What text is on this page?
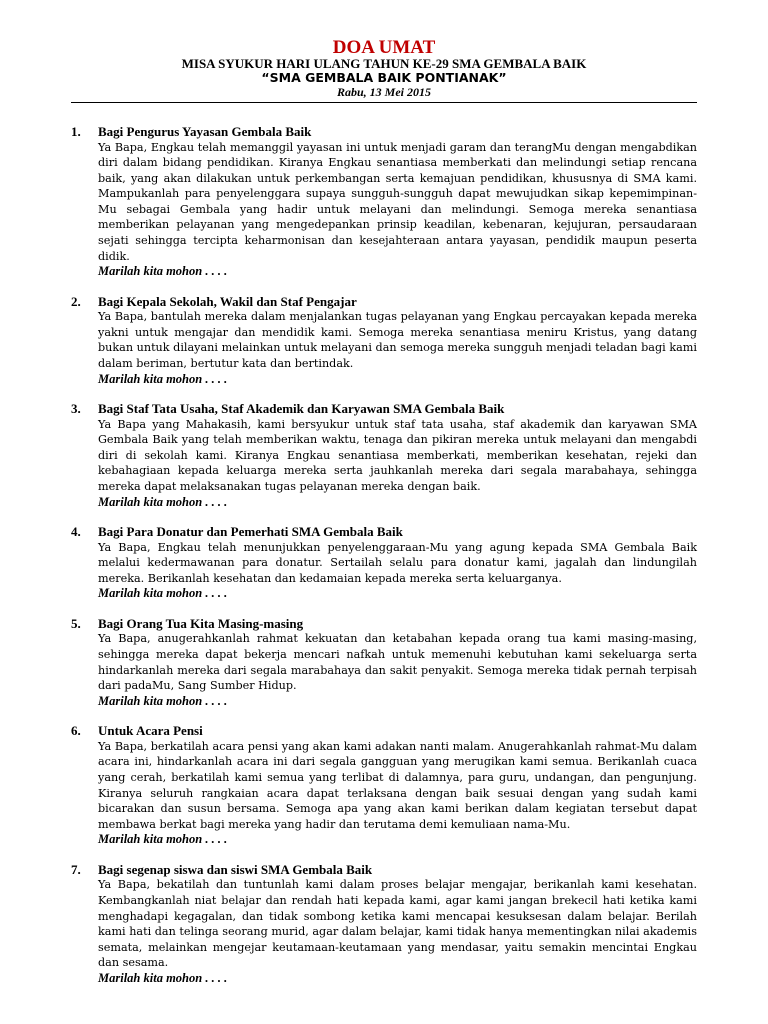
DOA UMAT
MISA SYUKUR HARI ULANG TAHUN KE-29 SMA GEMBALA BAIK
“SMA GEMBALA BAIK PONTIANAK”
Rabu, 13 Mei 2015
1. Bagi Pengurus Yayasan Gembala Baik
Ya Bapa, Engkau telah memanggil yayasan ini untuk menjadi garam dan terangMu dengan mengabdikan diri dalam bidang pendidikan. Kiranya Engkau senantiasa memberkati dan melindungi setiap rencana baik, yang akan dilakukan untuk perkembangan serta kemajuan pendidikan, khususnya di SMA kami. Mampukanlah para penyelenggara supaya sungguh-sungguh dapat mewujudkan sikap kepemimpinan-Mu sebagai Gembala yang hadir untuk melayani dan melindungi. Semoga mereka senantiasa memberikan pelayanan yang mengedepankan prinsip keadilan, kebenaran, kejujuran, persaudaraan sejati sehingga tercipta keharmonisan dan kesejahteraan antara yayasan, pendidik maupun peserta didik.
Marilah kita mohon . . . .
2. Bagi Kepala Sekolah, Wakil dan Staf Pengajar
Ya Bapa, bantulah mereka dalam menjalankan tugas pelayanan yang Engkau percayakan kepada mereka yakni untuk mengajar dan mendidik kami. Semoga mereka senantiasa meniru Kristus, yang datang bukan untuk dilayani melainkan untuk melayani dan semoga mereka sungguh menjadi teladan bagi kami dalam beriman, bertutur kata dan bertindak.
Marilah kita mohon . . . .
3. Bagi Staf Tata Usaha, Staf Akademik dan Karyawan SMA Gembala Baik
Ya Bapa yang Mahakasih, kami bersyukur untuk staf tata usaha, staf akademik dan karyawan SMA Gembala Baik yang telah memberikan waktu, tenaga dan pikiran mereka untuk melayani dan mengabdi diri di sekolah kami. Kiranya Engkau senantiasa memberkati, memberikan kesehatan, rejeki dan kebahagiaan kepada keluarga mereka serta jauhkanlah mereka dari segala marabahaya, sehingga mereka dapat melaksanakan tugas pelayanan mereka dengan baik.
Marilah kita mohon . . . .
4. Bagi Para Donatur dan Pemerhati SMA Gembala Baik
Ya Bapa, Engkau telah menunjukkan penyelenggaraan-Mu yang agung kepada SMA Gembala Baik melalui kedermawanan para donatur. Sertailah selalu para donatur kami, jagalah dan lindungilah mereka. Berikanlah kesehatan dan kedamaian kepada mereka serta keluarganya.
Marilah kita mohon . . . .
5. Bagi Orang Tua Kita Masing-masing
Ya Bapa, anugerahkanlah rahmat kekuatan dan ketabahan kepada orang tua kami masing-masing, sehingga mereka dapat bekerja mencari nafkah untuk memenuhi kebutuhan kami sekeluarga serta hindarkanlah mereka dari segala marabahaya dan sakit penyakit. Semoga mereka tidak pernah terpisah dari padaMu, Sang Sumber Hidup.
Marilah kita mohon . . . .
6. Untuk Acara Pensi
Ya Bapa, berkatilah acara pensi yang akan kami adakan nanti malam. Anugerahkanlah rahmat-Mu dalam acara ini, hindarkanlah acara ini dari segala gangguan yang merugikan kami semua. Berikanlah cuaca yang cerah, berkatilah kami semua yang terlibat di dalamnya, para guru, undangan, dan pengunjung. Kiranya seluruh rangkaian acara dapat terlaksana dengan baik sesuai dengan yang sudah kami bicarakan dan susun bersama. Semoga apa yang akan kami berikan dalam kegiatan tersebut dapat membawa berkat bagi mereka yang hadir dan terutama demi kemuliaan nama-Mu.
Marilah kita mohon . . . .
7. Bagi segenap siswa dan siswi SMA Gembala Baik
Ya Bapa, bekatilah dan tuntunlah kami dalam proses belajar mengajar, berikanlah kami kesehatan. Kembangkanlah niat belajar dan rendah hati kepada kami, agar kami jangan brekecil hati ketika kami menghadapi kegagalan, dan tidak sombong ketika kami mencapai kesuksesan dalam belajar. Berilah kami hati dan telinga seorang murid, agar dalam belajar, kami tidak hanya mementingkan nilai akademis semata, melainkan mengejar keutamaan-keutamaan yang mendasar, yaitu semakin mencintai Engkau dan sesama.
Marilah kita mohon . . . .
